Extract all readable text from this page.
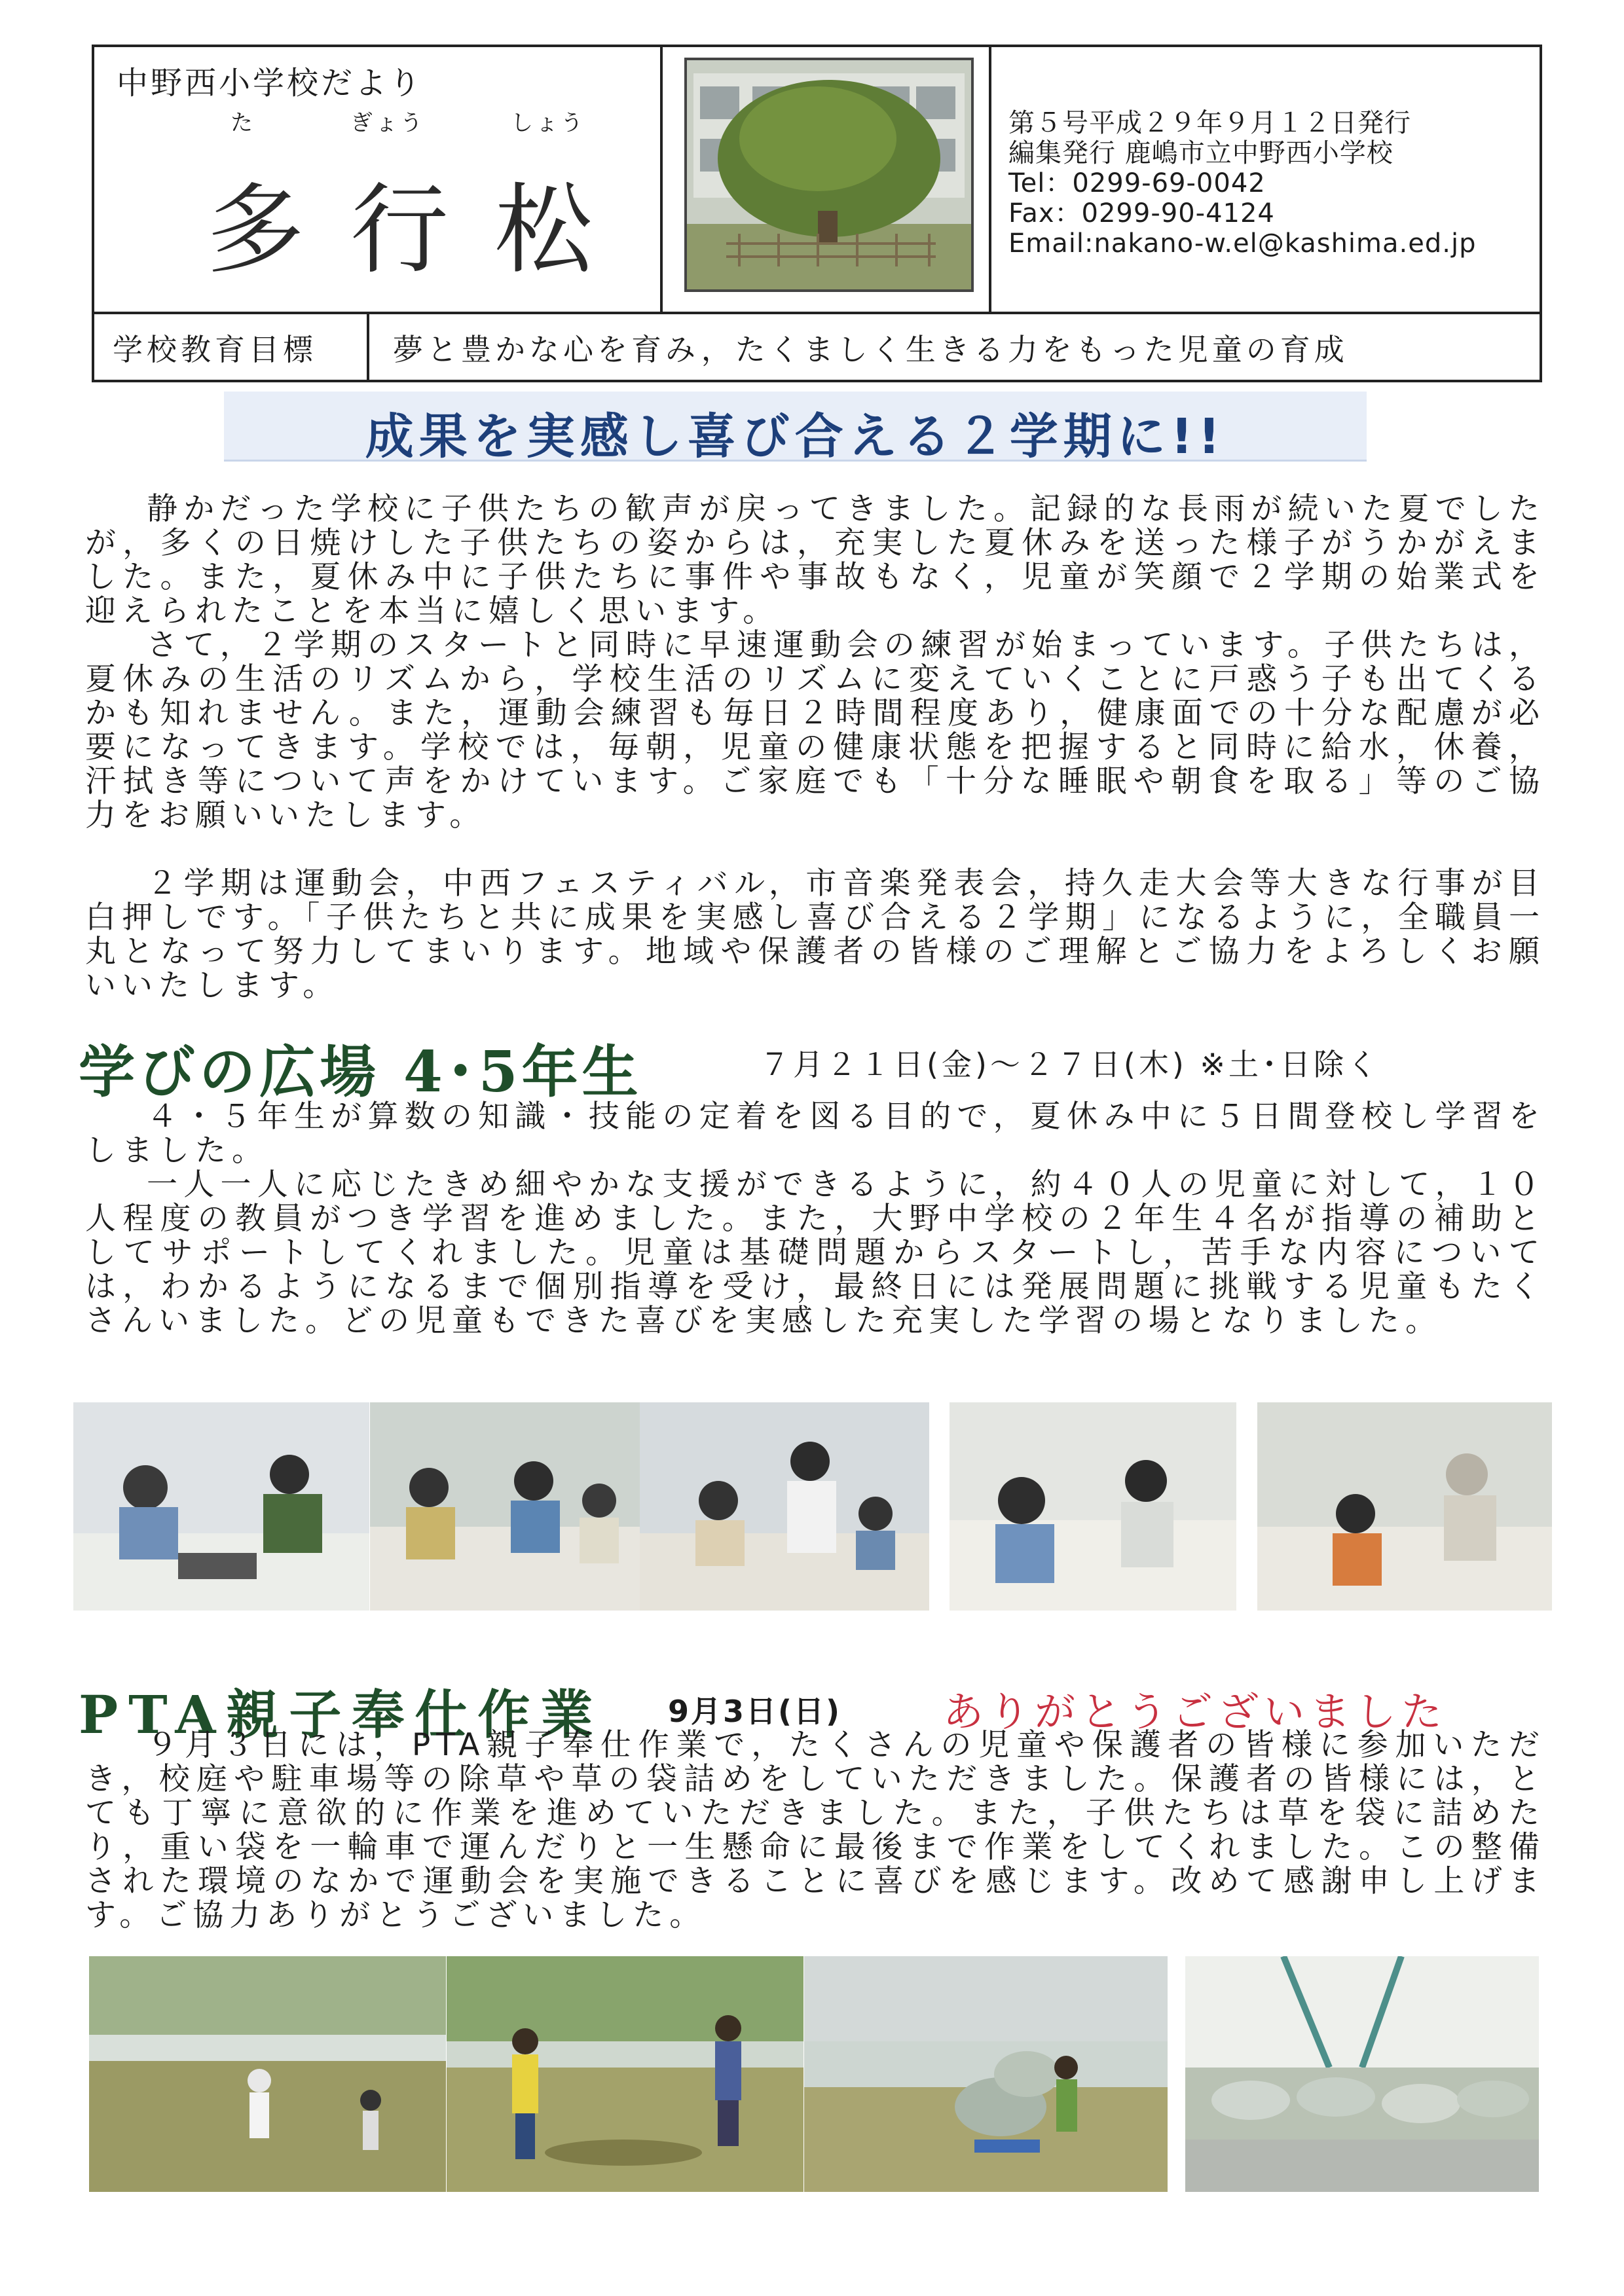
中野西小学校だより
た	ぎょう	しょう
多行松
第５号平成２９年９月１２日発行
編集発行 鹿嶋市立中野西小学校
Tel：0299-69-0042
Fax：0299-90-4124
Email:nakano-w.el@kashima.ed.jp
学校教育目標	夢と豊かな心を育み，たくましく生きる力をもった児童の育成
成果を実感し喜び合える２学期に!!
静かだった学校に子供たちの歓声が戻ってきました。記録的な長雨が続いた夏でしたが，多くの日焼けした子供たちの姿からは，充実した夏休みを送った様子がうかがえました。また，夏休み中に子供たちに事件や事故もなく，児童が笑顔で２学期の始業式を迎えられたことを本当に嬉しく思います。
さて，２学期のスタートと同時に早速運動会の練習が始まっています。子供たちは，夏休みの生活のリズムから，学校生活のリズムに変えていくことに戸惑う子も出てくるかも知れません。また，運動会練習も毎日２時間程度あり，健康面での十分な配慮が必要になってきます。学校では，毎朝，児童の健康状態を把握すると同時に給水，休養，汗拭き等について声をかけています。ご家庭でも「十分な睡眠や朝食を取る」等のご協力をお願いいたします。
２学期は運動会，中西フェスティバル，市音楽発表会，持久走大会等大きな行事が目白押しです。「子供たちと共に成果を実感し喜び合える２学期」になるように，全職員一丸となって努力してまいります。地域や保護者の皆様のご理解とご協力をよろしくお願いいたします。
学びの広場 4･5年生	７月２１日(金)～２７日(木) ※土･日除く
４・５年生が算数の知識・技能の定着を図る目的で，夏休み中に５日間登校し学習をしました。
一人一人に応じたきめ細やかな支援ができるように，約４０人の児童に対して，１０人程度の教員がつき学習を進めました。また，大野中学校の２年生４名が指導の補助としてサポートしてくれました。児童は基礎問題からスタートし，苦手な内容については，わかるようになるまで個別指導を受け，最終日には発展問題に挑戦する児童もたくさんいました。どの児童もできた喜びを実感した充実した学習の場となりました。
PTA親子奉仕作業 9月3日(日) ありがとうございました
９月３日には，PTA親子奉仕作業で，たくさんの児童や保護者の皆様に参加いただき，校庭や駐車場等の除草や草の袋詰めをしていただきました。保護者の皆様には，とても丁寧に意欲的に作業を進めていただきました。また，子供たちは草を袋に詰めたり，重い袋を一輪車で運んだりと一生懸命に最後まで作業をしてくれました。この整備された環境のなかで運動会を実施できることに喜びを感じます。改めて感謝申し上げます。ご協力ありがとうございました。
